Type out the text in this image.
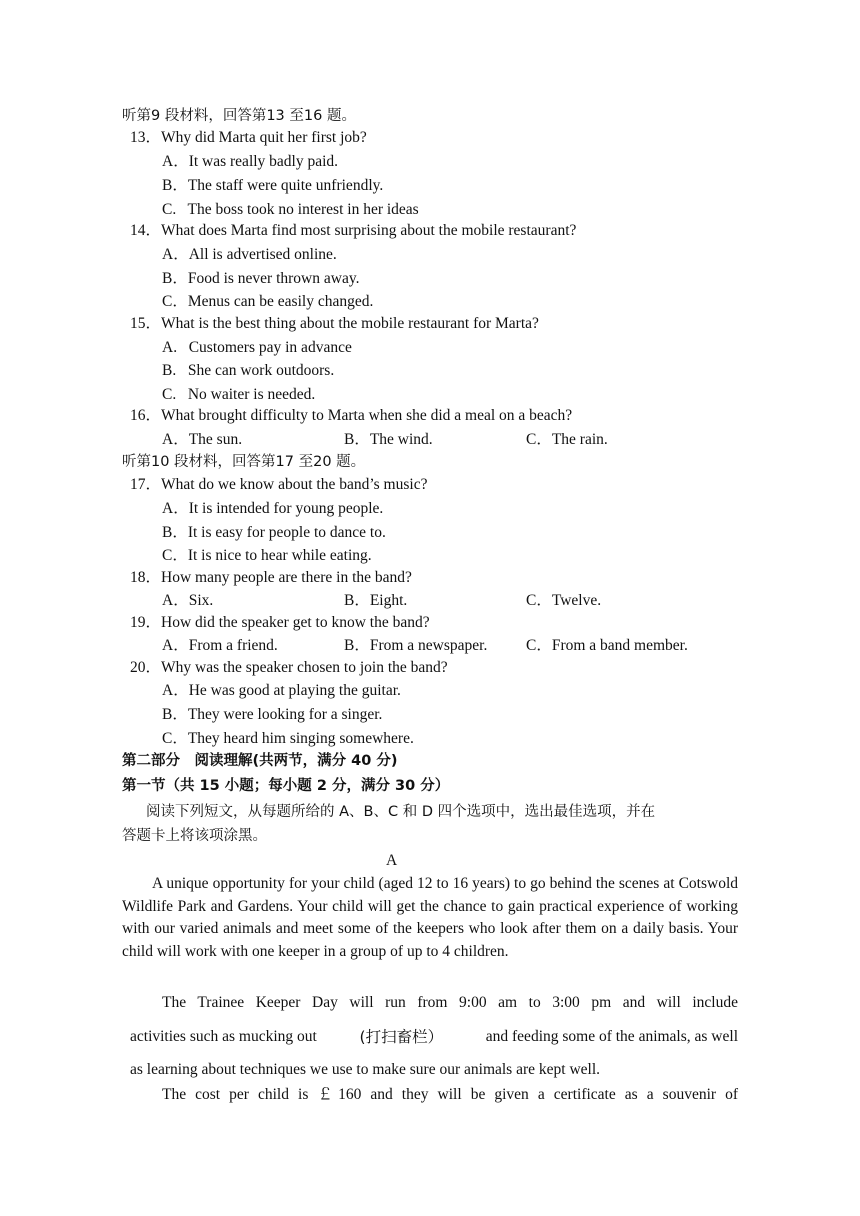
听第9 段材料，回答第13 至16 题。
13．Why did Marta quit her first job?
A．It was really badly paid.
B．The staff were quite unfriendly.
C.   The boss took no interest in her ideas
14．What does Marta find most surprising about the mobile restaurant?
A．All is advertised online.
B．Food is never thrown away.
C．Menus can be easily changed.
15．What is the best thing about the mobile restaurant for Marta?
A.   Customers pay in advance
B.   She can work outdoors.
C.   No waiter is needed.
16．What brought difficulty to Marta when she did a meal on a beach?
A．The sun.	B．The wind.	C．The rain.
听第10 段材料，回答第17 至20 题。
17．What do we know about the band’s music?
A．It is intended for young people.
B．It is easy for people to dance to.
C．It is nice to hear while eating.
18．How many people are there in the band?
A．Six.	B．Eight.	C．Twelve.
19．How did the speaker get to know the band?
A．From a friend.	B．From a newspaper. C．From a band member.
20．Why was the speaker chosen to join the band?
A．He was good at playing the guitar.
B．They were looking for a singer.
C．They heard him singing somewhere.
第二部分　阅读理解(共两节，满分 40 分)
第一节（共 15 小题；每小题 2 分，满分 30 分）
阅读下列短文，从每题所给的 A、B、C 和 D 四个选项中，选出最佳选项，并在
答题卡上将该项涂黑。
A
A unique opportunity for your child (aged 12 to 16 years) to go behind the scenes at Cotswold Wildlife Park and Gardens. Your child will get the chance to gain practical experience of working with our varied animals and meet some of the keepers who look after them on a daily basis. Your child will work with one keeper in a group of up to 4 children.
The Trainee Keeper Day will run from 9:00 am to 3:00 pm and will include
activities such as mucking out	(打扫畜栏）	and feeding some of the animals, as well
as learning about techniques we use to make sure our animals are kept well.
The cost per child is ￡160 and they will be given a certificate as a souvenir of
